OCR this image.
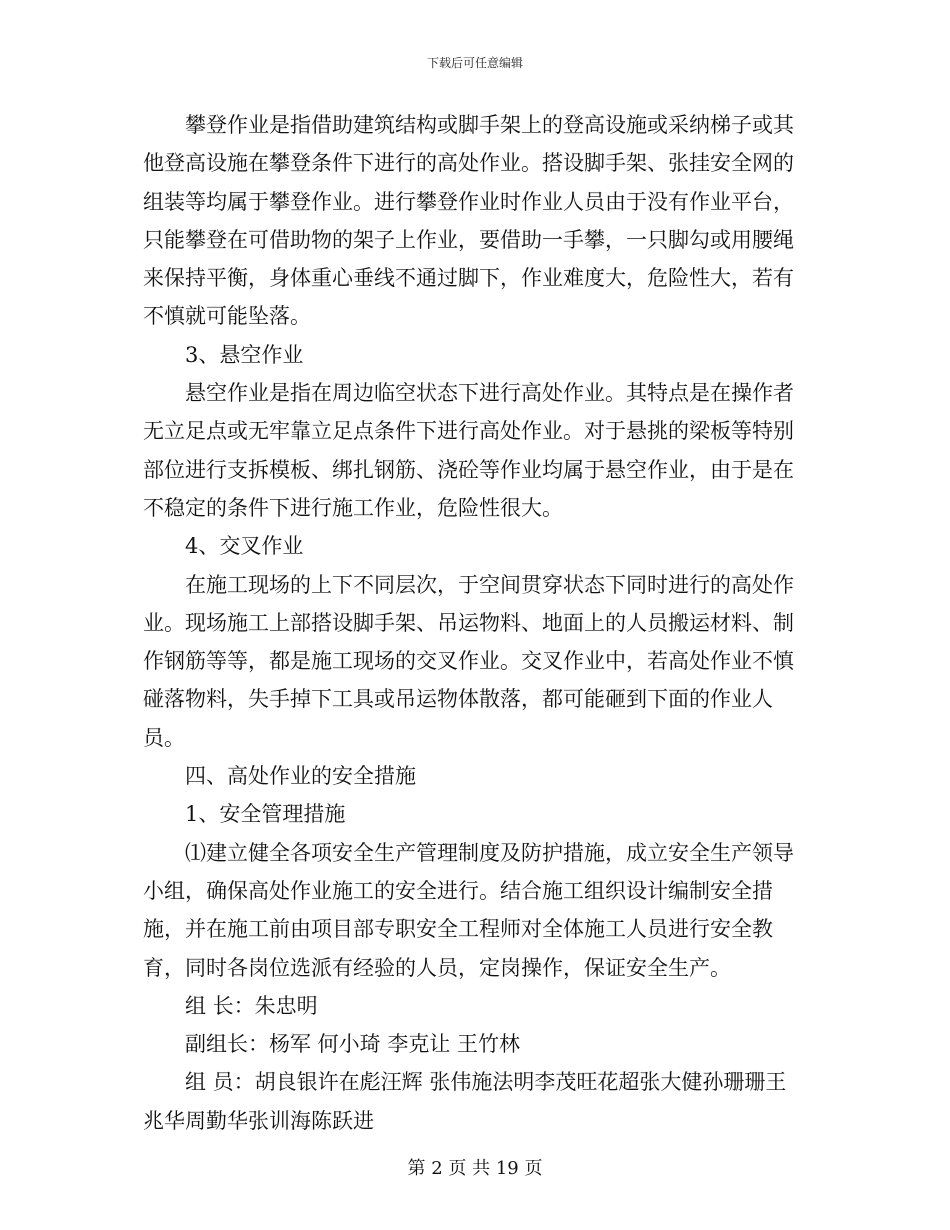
下载后可任意编辑

攀登作业是指借助建筑结构或脚手架上的登高设施或采纳梯子或其他登高设施在攀登条件下进行的高处作业。搭设脚手架、张挂安全网的组装等均属于攀登作业。进行攀登作业时作业人员由于没有作业平台，只能攀登在可借助物的架子上作业，要借助一手攀，一只脚勾或用腰绳来保持平衡，身体重心垂线不通过脚下，作业难度大，危险性大，若有不慎就可能坠落。

3、悬空作业

悬空作业是指在周边临空状态下进行高处作业。其特点是在操作者无立足点或无牢靠立足点条件下进行高处作业。对于悬挑的梁板等特别部位进行支拆模板、绑扎钢筋、浇砼等作业均属于悬空作业，由于是在不稳定的条件下进行施工作业，危险性很大。

4、交叉作业

在施工现场的上下不同层次，于空间贯穿状态下同时进行的高处作业。现场施工上部搭设脚手架、吊运物料、地面上的人员搬运材料、制作钢筋等等，都是施工现场的交叉作业。交叉作业中，若高处作业不慎碰落物料，失手掉下工具或吊运物体散落，都可能砸到下面的作业人员。

四、高处作业的安全措施

1、安全管理措施

⑴建立健全各项安全生产管理制度及防护措施，成立安全生产领导小组，确保高处作业施工的安全进行。结合施工组织设计编制安全措施，并在施工前由项目部专职安全工程师对全体施工人员进行安全教育，同时各岗位选派有经验的人员，定岗操作，保证安全生产。

组 长：朱忠明

副组长：杨军 何小琦 李克让 王竹林

组 员：胡良银许在彪汪辉 张伟施法明李茂旺花超张大健孙珊珊王兆华周勤华张训海陈跃进

第 2 页 共 19 页
